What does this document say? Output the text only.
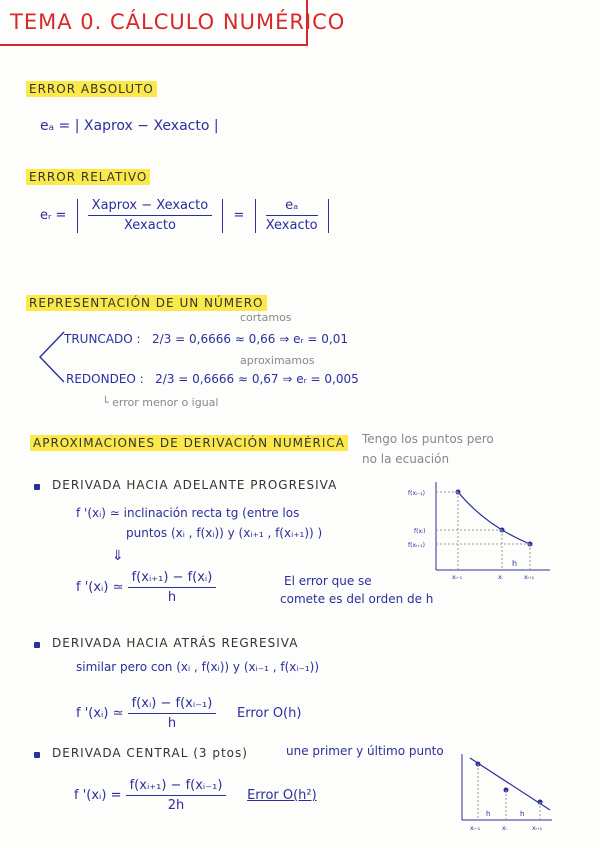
TEMA 0. CÁLCULO NUMÉRICO
ERROR ABSOLUTO
eₐ = | Xaprox − Xexacto |
ERROR RELATIVO
eᵣ = $\frac{\text{Xaprox − Xexacto}}{\text{Xexacto}} = \frac{\text{eₐ}}{\text{Xexacto}}$

REPRESENTACIÓN DE UN NÚMERO
cortamos
TRUNCADO : 2/3 = 0,6666 ≈ 0,66 ⇒ eᵣ = 0,01
aproximamos
REDONDEO : 2/3 = 0,6666 ≈ 0,67 ⇒ eᵣ = 0,005
└ error menor o igual
APROXIMACIONES DE DERIVACIÓN NUMÉRICA Tengo los puntos pero
no la ecuación
DERIVADA HACIA ADELANTE PROGRESIVA
f '(xᵢ) ≃ inclinación recta tg (entre los
puntos (xᵢ , f(xᵢ)) y (xᵢ₊₁ , f(xᵢ₊₁)) )
⇓
f '(xᵢ) ≃ $\frac{\text{f(xᵢ₊₁) − f(xᵢ)}}{h}$	El error que se
comete es del orden de h
f(xᵢ₋₁)
f(xᵢ)
f(xᵢ₊₁)
xᵢ₋₁	xᵢ	xᵢ₊₁
h
DERIVADA HACIA ATRÁS REGRESIVA
similar pero con (xᵢ , f(xᵢ)) y (xᵢ₋₁ , f(xᵢ₋₁))
f '(xᵢ) ≃ $\frac{\text{f(xᵢ) − f(xᵢ₋₁)}}{h}$ Error O(h)
DERIVADA CENTRAL (3 ptos)	une primer y último punto
f '(xᵢ) = $\frac{\text{f(xᵢ₊₁) − f(xᵢ₋₁)}}{2h}$ Error O(h²)
h	h
xᵢ₋₁	xᵢ	xᵢ₊₁
